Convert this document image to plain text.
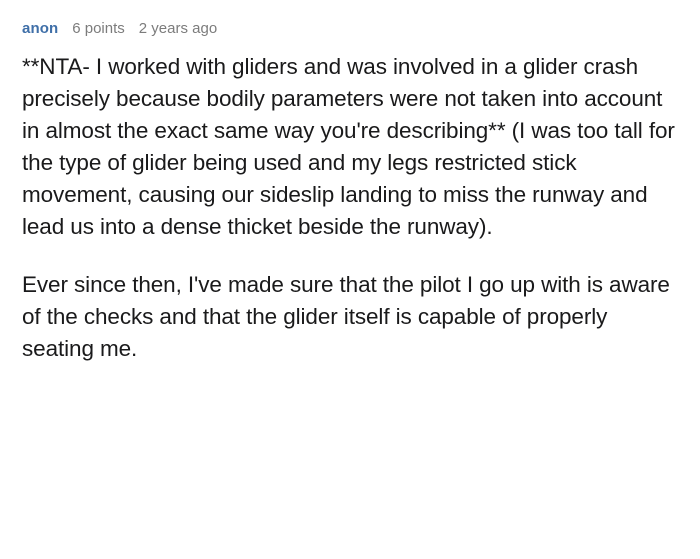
anon 6 points 2 years ago

**NTA- I worked with gliders and was involved in a glider crash precisely because bodily parameters were not taken into account in almost the exact same way you're describing** (I was too tall for the type of glider being used and my legs restricted stick movement, causing our sideslip landing to miss the runway and lead us into a dense thicket beside the runway).

Ever since then, I've made sure that the pilot I go up with is aware of the checks and that the glider itself is capable of properly seating me.
